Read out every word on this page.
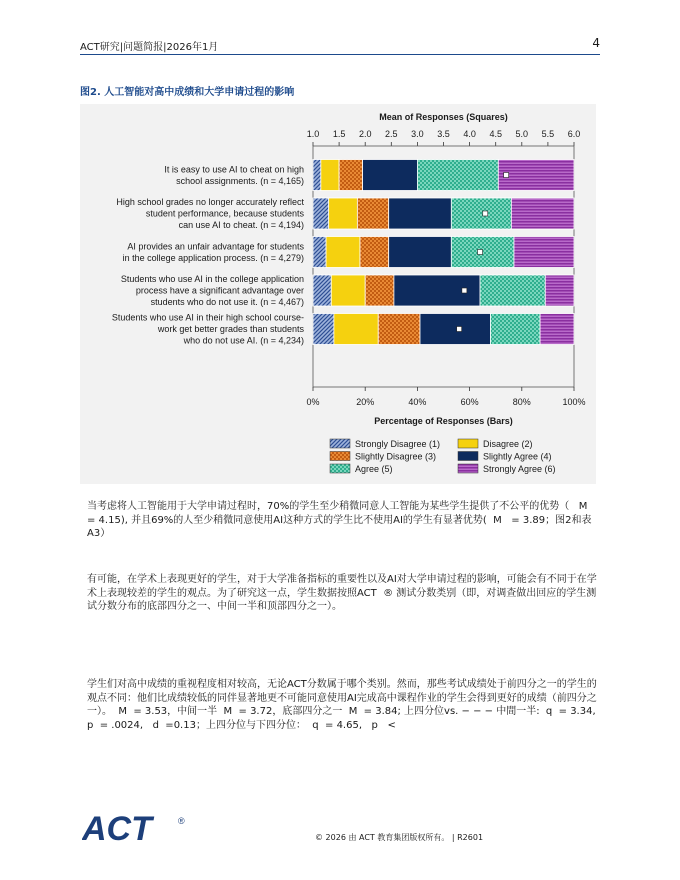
ACT研究|问题简报|2026年1月	4
图2. 人工智能对高中成绩和大学申请过程的影响
Mean of Responses (Squares)
1.0 1.5 2.0 2.5 3.0 3.5 4.0 4.5 5.0 5.5 6.0
It is easy to use AI to cheat on high
school assignments. (n = 4,165)
High school grades no longer accurately reflect
student performance, because students
can use AI to cheat. (n = 4,194)
AI provides an unfair advantage for students
in the college application process. (n = 4,279)
Students who use AI in the college application
process have a significant advantage over
students who do not use it. (n = 4,467)
Students who use AI in their high school course-
work get better grades than students
who do not use AI. (n = 4,234)
0%	20%	40%	60%	80%	100%
Percentage of Responses (Bars)
Strongly Disagree (1)	Disagree (2)
Slightly Disagree (3)	Slightly Agree (4)
Agree (5)	Strongly Agree (6)
当考虑将人工智能用于大学申请过程时，70%的学生至少稍微同意人工智能为某些学生提供了不公平的优势（   M   = 4.15), 并且69%的人至少稍微同意使用AI这种方式的学生比不使用AI的学生有显著优势(  M   = 3.89；图2和表A3）
有可能，在学术上表现更好的学生，对于大学准备指标的重要性以及AI对大学申请过程的影响，可能会有不同于在学术上表现较差的学生的观点。为了研究这一点，学生数据按照ACT  ® 测试分数类别（即，对调查做出回应的学生测试分数分布的底部四分之一、中间一半和顶部四分之一）。
学生们对高中成绩的重视程度相对较高，无论ACT分数属于哪个类别。然而，那些考试成绩处于前四分之一的学生的观点不同：他们比成绩较低的同伴显著地更不可能同意使用AI完成高中课程作业的学生会得到更好的成绩（前四分之一）。  M  = 3.53，中间一半  M  = 3.72，底部四分之一  M  = 3.84; 上四分位vs. − − − 中間一半:  q  = 3.34,   p  = .0024,   d  =0.13；上四分位与下四分位：  q  = 4.65,   p   <
ACT	®
© 2026 由 ACT 教育集团版权所有。 | R2601
